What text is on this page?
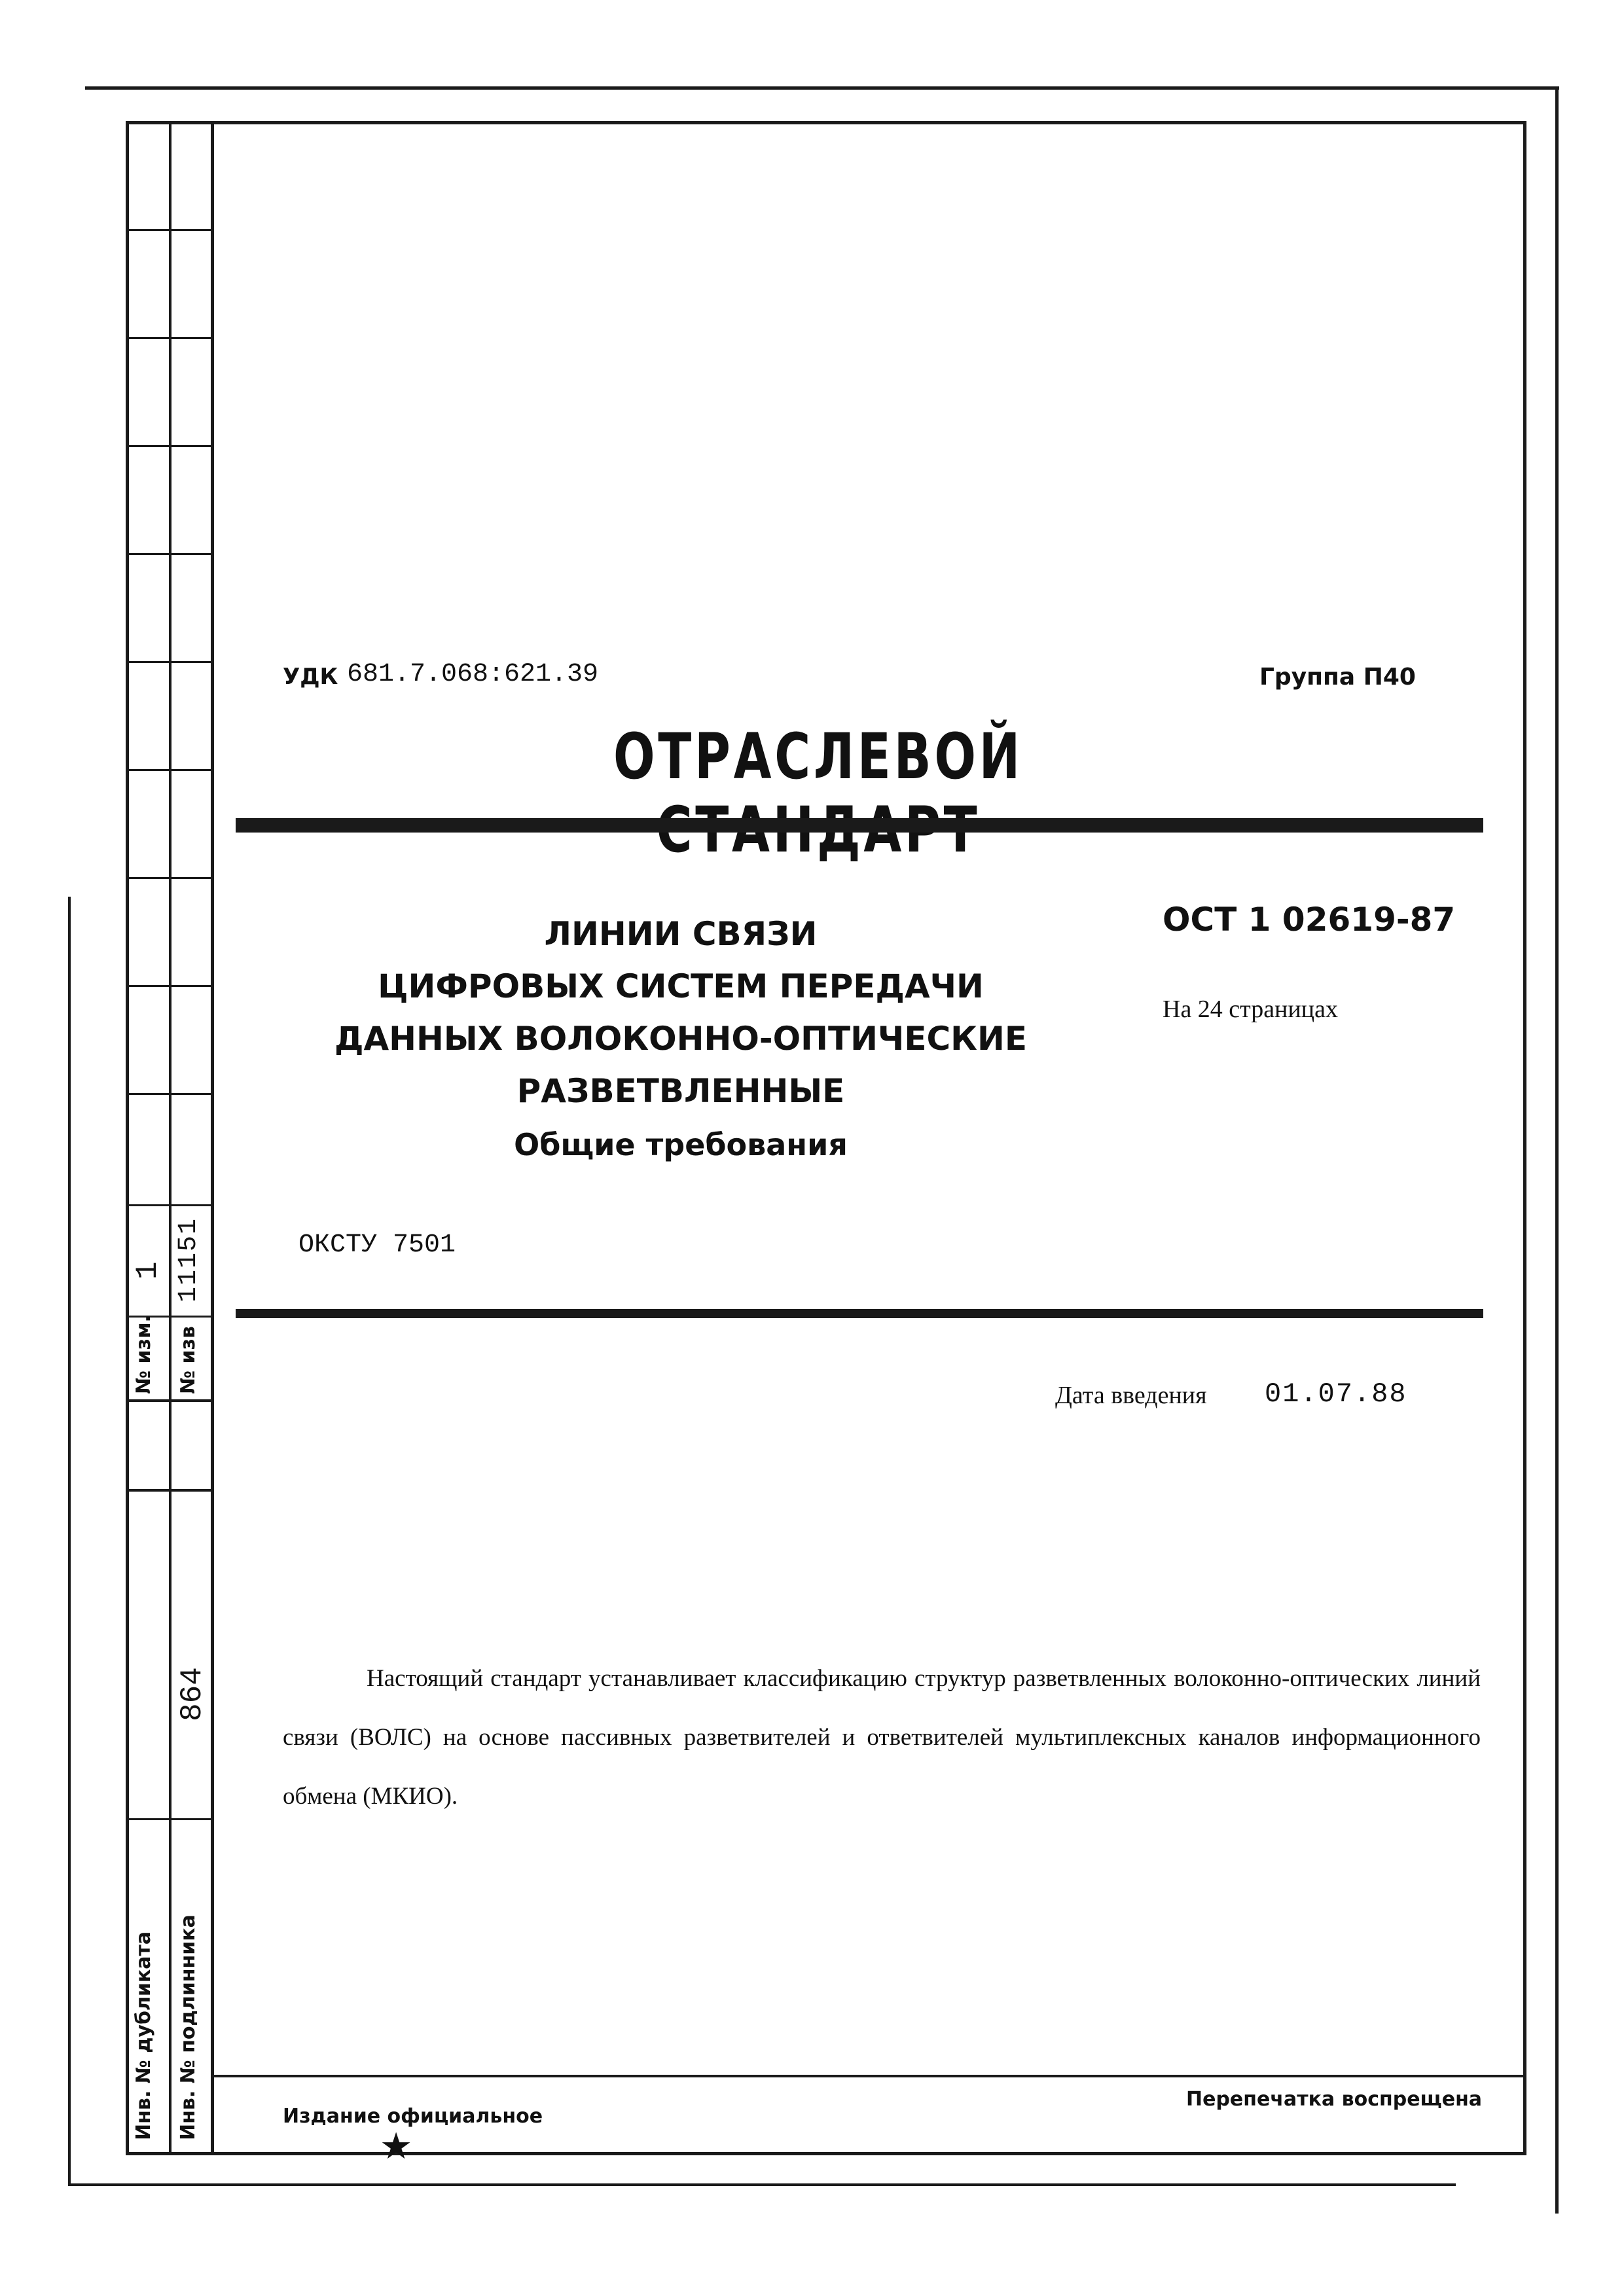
№ изм.
1
№ изв
11151
Инв. № дубликата Инв. № подлинника
864
УДК 681.7.068:621.39	Группа П40
ОТРАСЛЕВОЙ
ЛИНИИ СВЯЗИ
ЦИФРОВЫХ СИСТЕМ ПЕРЕДАЧИ
ДАННЫХ ВОЛОКОННО-ОПТИЧЕСКИЕ
РАЗВЕТВЛЕННЫЕ
Общие требования
ОСТ 1 02619-87
На 24 страницах
ОКСТУ 7501
Дата введения 01.07.88
Настоящий стандарт устанавливает классификацию структур разветвленных волоконно-оптических линий связи (ВОЛС) на основе пассивных разветвителей и ответвителей мультиплексных каналов информационного обмена (МКИО).
Издание официальное
★
Перепечатка воспрещена
